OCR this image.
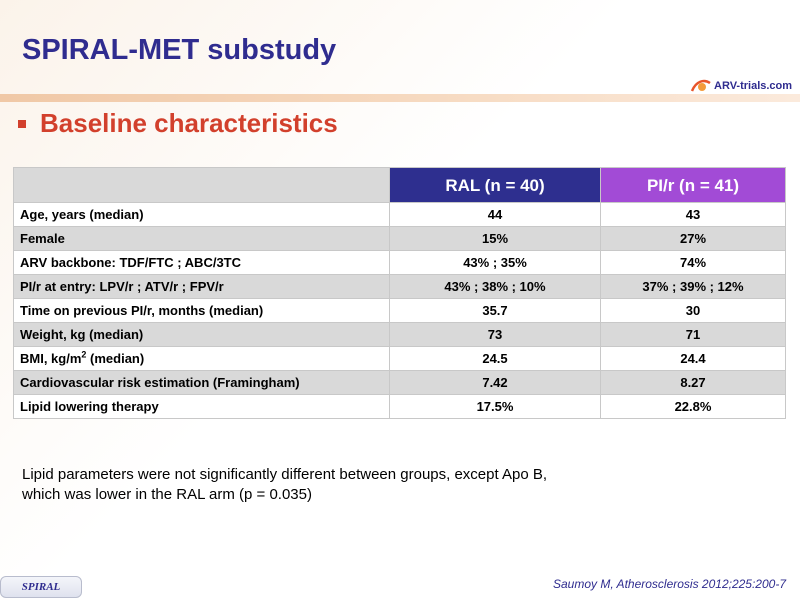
SPIRAL-MET substudy
ARV-trials.com
Baseline characteristics
	RAL (n = 40)	PI/r (n = 41)
Age, years (median)	44	43
Female	15%	27%
ARV backbone: TDF/FTC ; ABC/3TC	43% ; 35%	74%
PI/r at entry: LPV/r ; ATV/r ; FPV/r	43% ; 38% ; 10%	37% ; 39% ; 12%
Time on previous PI/r, months (median)	35.7	30
Weight, kg (median)	73	71
BMI, $kg/m^2$ (median)	24.5	24.4
Cardiovascular risk estimation (Framingham)	7.42	8.27
Lipid lowering therapy	17.5%	22.8%
Lipid parameters were not significantly different between groups, except Apo B,
which was lower in the RAL arm (p = 0.035)
SPIRAL	Saumoy M, Atherosclerosis 2012;225:200-7
